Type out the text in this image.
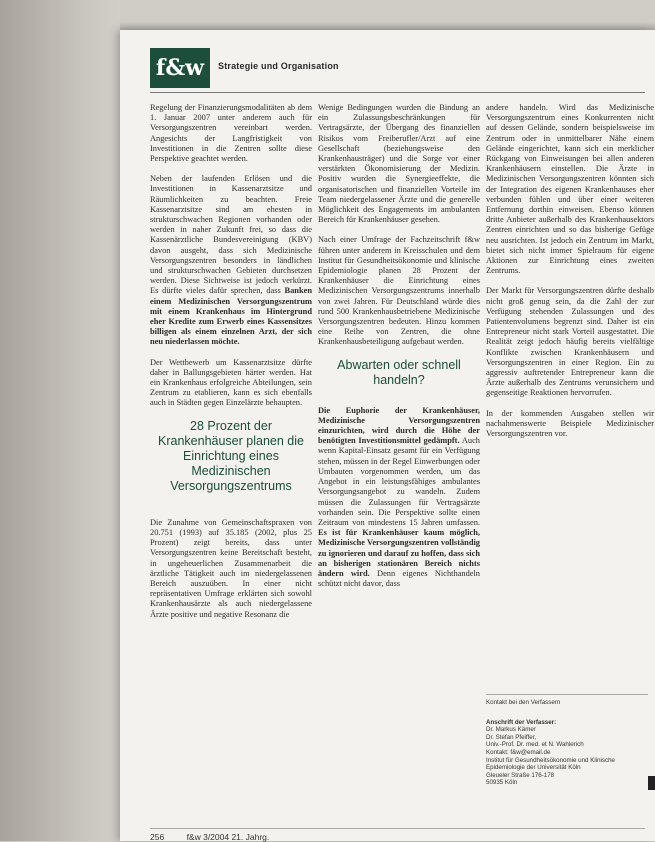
f&w	Strategie und Organisation

Regelung der Finanzierungsmodalitäten ab dem 1. Januar 2007 unter anderem auch für Versorgungszentren vereinbart werden. Angesichts der Langfristigkeit von Investitionen in die Zentren sollte diese Perspektive geachtet werden.

Neben der laufenden Erlösen und die Investitionen in Kassenarztsitze und Räumlichkeiten zu beachten. Freie Kassenarztsitze sind am ehesten in strukturschwachen Regionen vorhanden oder werden in naher Zukunft frei, so dass die Kassenärztliche Bundesvereinigung (KBV) davon ausgeht, dass sich Medizinische Versorgungszentren besonders in ländlichen und strukturschwachen Gebieten durchsetzen werden. Diese Sichtweise ist jedoch verkürzt. Es dürfte vieles dafür sprechen, dass Banken einem Medizinischen Versorgungszentrum mit einem Krankenhaus im Hintergrund eher Kredite zum Erwerb eines Kassensitzes billigen als einem einzelnen Arzt, der sich neu niederlassen möchte.

Der Wettbewerb um Kassenarztsitze dürfte daher in Ballungsgebieten härter werden. Hat ein Krankenhaus erfolgreiche Abteilungen, sein Zentrum zu etablieren, kann es sich ebenfalls auch in Städten gegen Einzelärzte behaupten.

28 Prozent der Krankenhäuser planen die Einrichtung eines Medizinischen Versorgungszentrums

Die Zunahme von Gemeinschaftspraxen von 20.751 (1993) auf 35.185 (2002, plus 25 Prozent) zeigt bereits, dass unter Versorgungszentren keine Bereitschaft besteht, in ungeheuerlichen Zusammenarbeit die ärztliche Tätigkeit auch im niedergelassenen Bereich auszuüben. In einer nicht repräsentativen Umfrage erklärten sich sowohl Krankenhausärzte als auch niedergelassene Ärzte positive und negative Resonanz die

Wenige Bedingungen wurden die Bindung an ein Zulassungsbeschränkungen für Vertragsärzte, der Übergang des finanziellen Risikos vom Freiberufler/Arzt auf eine Gesellschaft (beziehungsweise den Krankenhausträger) und die Sorge vor einer verstärkten Ökonomisierung der Medizin. Positiv wurden die Synergieeffekte, die organisatorischen und finanziellen Vorteile im Team niedergelassener Ärzte und die generelle Möglichkeit des Engagements im ambulanten Bereich für Krankenhäuser gesehen.

Nach einer Umfrage der Fachzeitschrift f&w führen unter anderem in Kreisschulen und dem Institut für Gesundheitsökonomie und klinische Epidemiologie planen 28 Prozent der Krankenhäuser die Einrichtung eines Medizinischen Versorgungszentrums innerhalb von zwei Jahren. Für Deutschland würde dies rund 500 Krankenhausbetriebene Medizinische Versorgungszentren bedeuten. Hinzu kommen eine Reihe von Zentren, die ohne Krankenhausbeteiligung aufgebaut werden.

Abwarten oder schnell handeln?

Die Euphorie der Krankenhäuser, Medizinische Versorgungszentren einzurichten, wird durch die Höhe der benötigten Investitionsmittel gedämpft. Auch wenn Kapital-Einsatz gesamt für ein Verfügung stehen, müssen in der Regel Einwerbungen oder Umbauten vorgenommen werden, um das Angebot in ein leistungsfähiges ambulantes Versorgungsangebot zu wandeln. Zudem müssen die Zulassungen für Vertragsärzte vorhanden sein. Die Perspektive sollte einen Zeitraum von mindestens 15 Jahren umfassen. Es ist für Krankenhäuser kaum möglich, Medizinische Versorgungszentren vollständig zu ignorieren und darauf zu hoffen, dass sich an bisherigen stationären Bereich nichts ändern wird. Denn eigenes Nichthandeln schützt nicht davor, dass

andere handeln. Wird das Medizinische Versorgungszentrum eines Konkurrenten nicht auf dessen Gelände, sondern beispielsweise im Zentrum oder in unmittelbarer Nähe einem Gelände eingerichtet, kann sich ein merklicher Rückgang von Einweisungen bei allen anderen Krankenhäusern einstellen. Die Ärzte in Medizinischen Versorgungszentren könnten sich der Integration des eigenen Krankenhauses eher verbunden fühlen und über einer weiteren Entfernung dorthin einweisen. Ebenso können dritte Anbieter außerhalb des Krankenhausektors Zentren einrichten und so das bisherige Gefüge neu ausrichten. Ist jedoch ein Zentrum im Markt, bietet sich nicht immer Spielraum für eigene Aktionen zur Einrichtung eines zweiten Zentrums.

Der Markt für Versorgungszentren dürfte deshalb nicht groß genug sein, da die Zahl der zur Verfügung stehenden Zulassungen und des Patientenvolumens begrenzt sind. Daher ist ein Entrepreneur nicht stark Vorteil ausgestattet. Die Realität zeigt jedoch häufig bereits vielfältige Konflikte zwischen Krankenhäusern und Versorgungszentren in einer Region. Ein zu aggressiv auftretender Entrepreneur kann die Ärzte außerhalb des Zentrums verunsichern und gegenseitige Reaktionen hervorrufen.

In der kommenden Ausgaben stellen wir nachahmenswerte Beispiele Medizinischer Versorgungszentren vor.

Kontakt bei den Verfassern
Anschrift der Verfasser:
Dr. Markus Kämer
Dr. Stefan Pfeiffer,
Univ.-Prof. Dr. med. et N. Wahlerich
Kontakt: f&w@email.de
Institut für Gesundheitsökonomie und Klinische
Epidemiologie der Universität Köln
Gleueler Straße 176-178
50935 Köln
256	f&w 3/2004 21. Jahrg.
